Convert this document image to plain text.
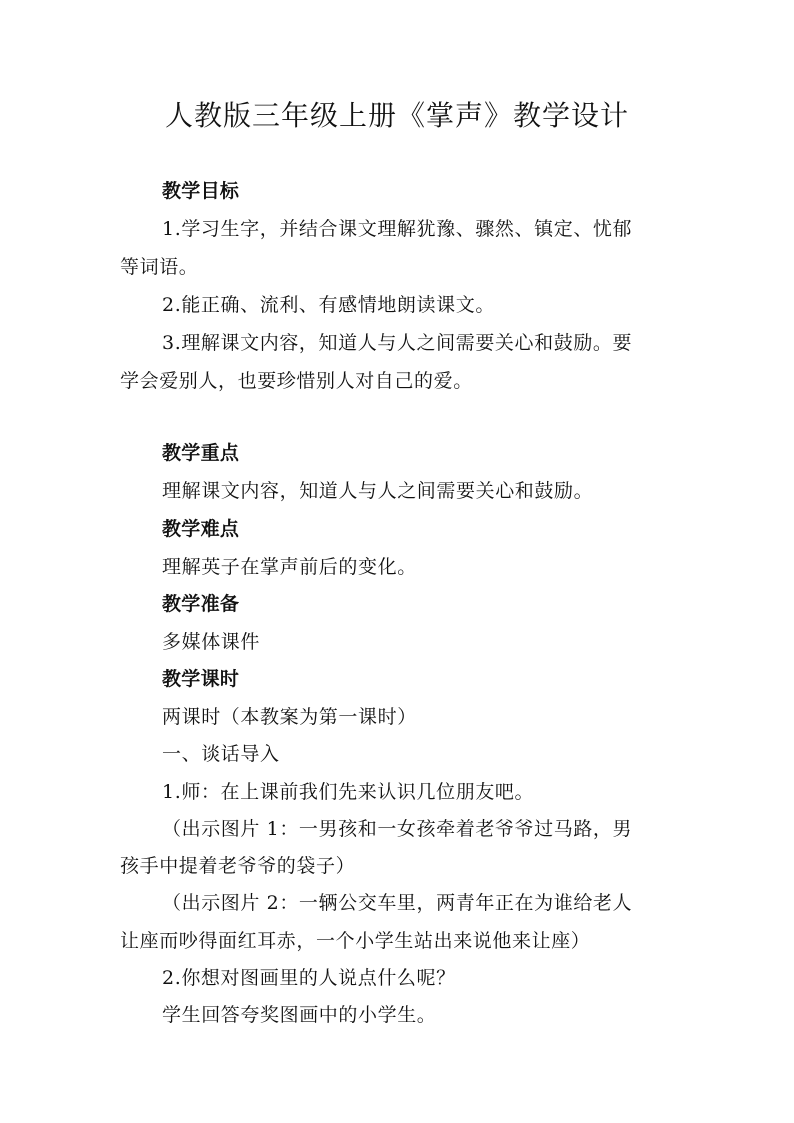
人教版三年级上册《掌声》教学设计
教学目标
1.学习生字，并结合课文理解犹豫、骤然、镇定、忧郁
等词语。
2.能正确、流利、有感情地朗读课文。
3.理解课文内容，知道人与人之间需要关心和鼓励。要
学会爱别人，也要珍惜别人对自己的爱。
教学重点
理解课文内容，知道人与人之间需要关心和鼓励。
教学难点
理解英子在掌声前后的变化。
教学准备
多媒体课件
教学课时
两课时（本教案为第一课时）
一、谈话导入
1.师：在上课前我们先来认识几位朋友吧。
（出示图片 1：一男孩和一女孩牵着老爷爷过马路，男
孩手中提着老爷爷的袋子）
（出示图片 2：一辆公交车里，两青年正在为谁给老人
让座而吵得面红耳赤，一个小学生站出来说他来让座）
2.你想对图画里的人说点什么呢？
学生回答夸奖图画中的小学生。
